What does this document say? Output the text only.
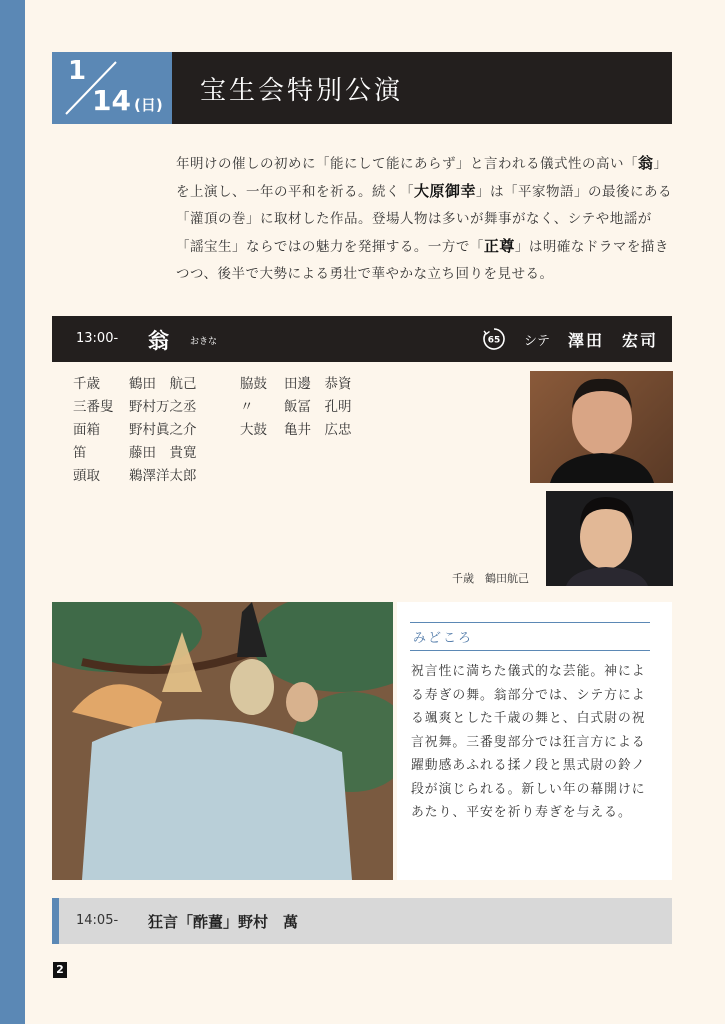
1
14 (日) 宝生会特別公演
年明けの催しの初めに「能にして能にあらず」と言われる儀式性の高い「翁」を上演し、一年の平和を祈る。続く「大原御幸」は「平家物語」の最後にある「灌頂の巻」に取材した作品。登場人物は多いが舞事がなく、シテや地謡が「謡宝生」ならではの魅力を発揮する。一方で「正尊」は明確なドラマを描きつつ、後半で大勢による勇壮で華やかな立ち回りを見せる。
13:00- 翁 おきな	65 シテ 澤田　宏司
千歳	鶴田　航己
三番叟	野村万之丞
面箱	野村眞之介
笛	藤田　貴寛
頭取	鵜澤洋太郎
脇鼓	田邊　恭資
〃	飯冨　孔明
大鼓	亀井　広忠
千歳　鶴田航己
みどころ
祝言性に満ちた儀式的な芸能。神による寿ぎの舞。翁部分では、シテ方による颯爽とした千歳の舞と、白式尉の祝言祝舞。三番叟部分では狂言方による躍動感あふれる揉ノ段と黒式尉の鈴ノ段が演じられる。新しい年の幕開けにあたり、平安を祈り寿ぎを与える。
14:05- 狂言「酢薑」野村　萬
2
